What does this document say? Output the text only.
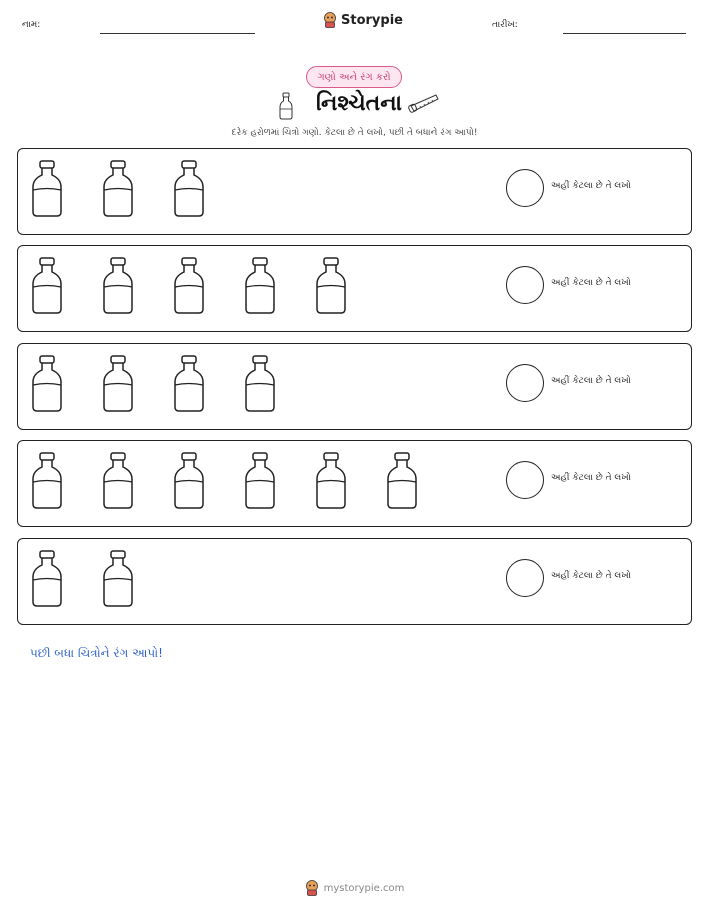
નામ:	Storypie	તારીખ:
ગણો અને રંગ કરો
નિશ્ચેતના
દરેક હરોળમાં ચિત્રો ગણો. કેટલા છે તે લખો, પછી તે બધાને રંગ આપો!
અહીં કેટલા છે તે લખો
અહીં કેટલા છે તે લખો
અહીં કેટલા છે તે લખો
અહીં કેટલા છે તે લખો
અહીં કેટલા છે તે લખો
પછી બધા ચિત્રોને રંગ આપો!
mystorypie.com
